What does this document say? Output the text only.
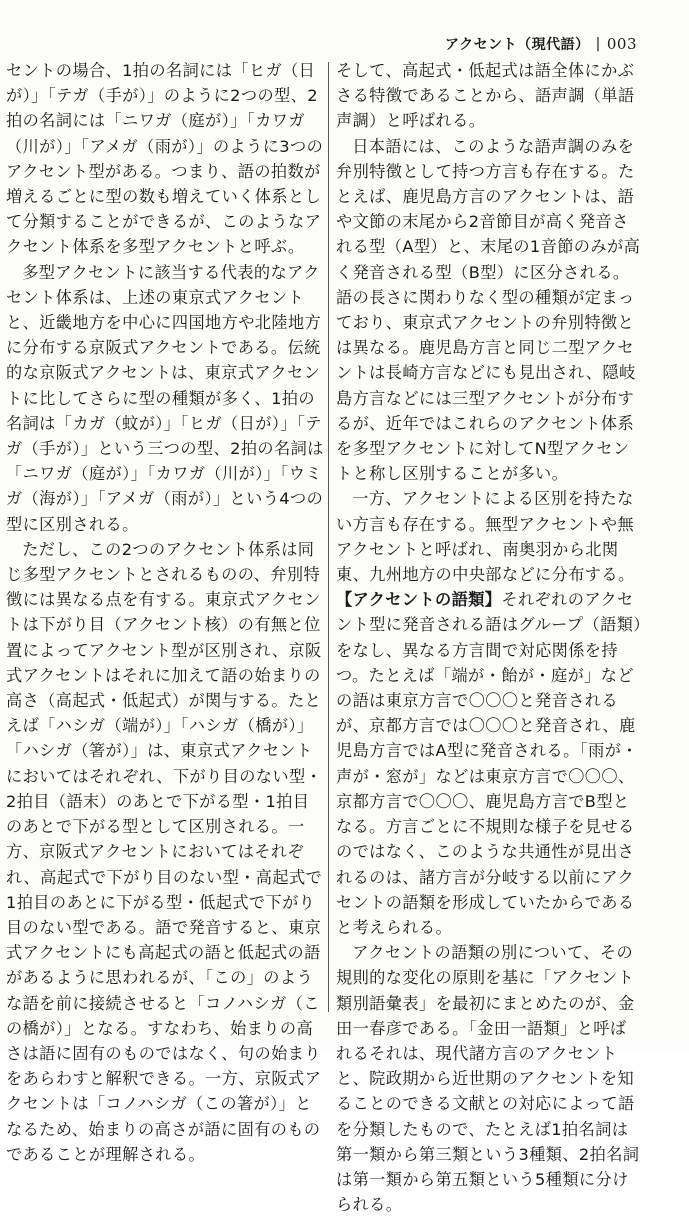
アクセント（現代語） | 003

セントの場合、1拍の名詞には「ヒガ（日が）」「テガ（手が）」のように2つの型、2拍の名詞には「ニワガ（庭が）」「カワガ（川が）」「アメガ（雨が）」のように3つのアクセント型がある。つまり、語の拍数が増えるごとに型の数も増えていく体系として分類することができるが、このようなアクセント体系を多型アクセントと呼ぶ。

多型アクセントに該当する代表的なアクセント体系は、上述の東京式アクセントと、近畿地方を中心に四国地方や北陸地方に分布する京阪式アクセントである。伝統的な京阪式アクセントは、東京式アクセントに比してさらに型の種類が多く、1拍の名詞は「カガ（蚊が）」「ヒガ（日が）」「テガ（手が）」という三つの型、2拍の名詞は「ニワガ（庭が）」「カワガ（川が）」「ウミガ（海が）」「アメガ（雨が）」という4つの型に区別される。

ただし、この2つのアクセント体系は同じ多型アクセントとされるものの、弁別特徴には異なる点を有する。東京式アクセントは下がり目（アクセント核）の有無と位置によってアクセント型が区別され、京阪式アクセントはそれに加えて語の始まりの高さ（高起式・低起式）が関与する。たとえば「ハシガ（端が）」「ハシガ（橋が）」「ハシガ（箸が）」は、東京式アクセントにおいてはそれぞれ、下がり目のない型・2拍目（語末）のあとで下がる型・1拍目のあとで下がる型として区別される。一方、京阪式アクセントにおいてはそれぞれ、高起式で下がり目のない型・高起式で1拍目のあとに下がる型・低起式で下がり目のない型である。語で発音すると、東京式アクセントにも高起式の語と低起式の語があるように思われるが、「この」のような語を前に接続させると「コノハシガ（この橋が）」となる。すなわち、始まりの高さは語に固有のものではなく、句の始まりをあらわすと解釈できる。一方、京阪式アクセントは「コノハシガ（この箸が）」となるため、始まりの高さが語に固有のものであることが理解される。

そして、高起式・低起式は語全体にかぶさる特徴であることから、語声調（単語声調）と呼ばれる。

日本語には、このような語声調のみを弁別特徴として持つ方言も存在する。たとえば、鹿児島方言のアクセントは、語や文節の末尾から2音節目が高く発音される型（A型）と、末尾の1音節のみが高く発音される型（B型）に区分される。語の長さに関わりなく型の種類が定まっており、東京式アクセントの弁別特徴とは異なる。鹿児島方言と同じ二型アクセントは長崎方言などにも見出され、隠岐島方言などには三型アクセントが分布するが、近年ではこれらのアクセント体系を多型アクセントに対してN型アクセントと称し区別することが多い。

一方、アクセントによる区別を持たない方言も存在する。無型アクセントや無アクセントと呼ばれ、南奥羽から北関東、九州地方の中央部などに分布する。

【アクセントの語類】それぞれのアクセント型に発音される語はグループ（語類）をなし、異なる方言間で対応関係を持つ。たとえば「端が・飴が・庭が」などの語は東京方言で〇〇〇と発音されるが、京都方言では〇〇〇と発音され、鹿児島方言ではA型に発音される。「雨が・声が・窓が」などは東京方言で〇〇〇、京都方言で〇〇〇、鹿児島方言でB型となる。方言ごとに不規則な様子を見せるのではなく、このような共通性が見出されるのは、諸方言が分岐する以前にアクセントの語類を形成していたからであると考えられる。

アクセントの語類の別について、その規則的な変化の原則を基に「アクセント類別語彙表」を最初にまとめたのが、金田一春彦である。「金田一語類」と呼ばれるそれは、現代諸方言のアクセントと、院政期から近世期のアクセントを知ることのできる文献との対応によって語を分類したもので、たとえば1拍名詞は第一類から第三類という3種類、2拍名詞は第一類から第五類という5種類に分けられる。
